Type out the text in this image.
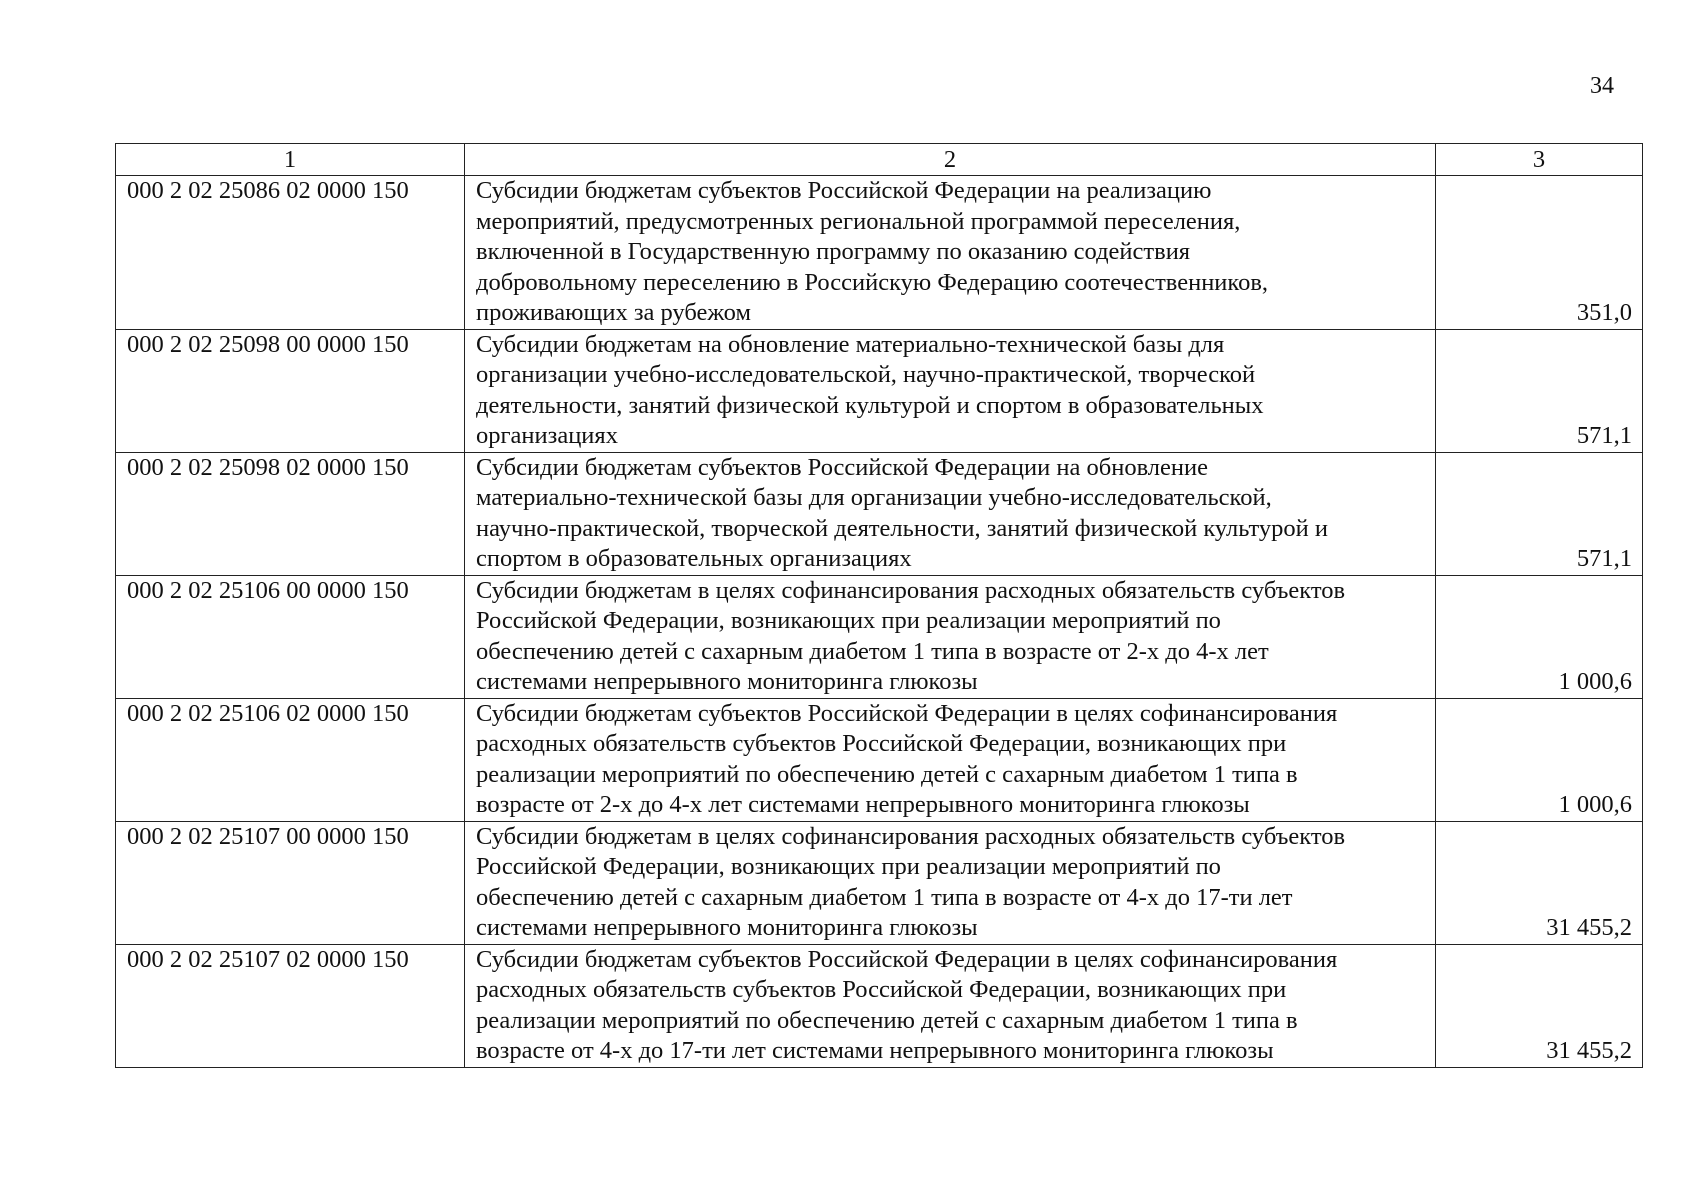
34
1	2	3
000 2 02 25086 02 0000 150	Субсидии бюджетам субъектов Российской Федерации на реализацию
мероприятий, предусмотренных региональной программой переселения,
включенной в Государственную программу по оказанию содействия
добровольному переселению в Российскую Федерацию соотечественников,
проживающих за рубежом	351,0
000 2 02 25098 00 0000 150	Субсидии бюджетам на обновление материально-технической базы для
организации учебно-исследовательской, научно-практической, творческой
деятельности, занятий физической культурой и спортом в образовательных
организациях	571,1
000 2 02 25098 02 0000 150	Субсидии бюджетам субъектов Российской Федерации на обновление
материально-технической базы для организации учебно-исследовательской,
научно-практической, творческой деятельности, занятий физической культурой и
спортом в образовательных организациях	571,1
000 2 02 25106 00 0000 150	Субсидии бюджетам в целях софинансирования расходных обязательств субъектов
Российской Федерации, возникающих при реализации мероприятий по
обеспечению детей с сахарным диабетом 1 типа в возрасте от 2-х до 4-х лет
системами непрерывного мониторинга глюкозы	1 000,6
000 2 02 25106 02 0000 150	Субсидии бюджетам субъектов Российской Федерации в целях софинансирования
расходных обязательств субъектов Российской Федерации, возникающих при
реализации мероприятий по обеспечению детей с сахарным диабетом 1 типа в
возрасте от 2-х до 4-х лет системами непрерывного мониторинга глюкозы	1 000,6
000 2 02 25107 00 0000 150	Субсидии бюджетам в целях софинансирования расходных обязательств субъектов
Российской Федерации, возникающих при реализации мероприятий по
обеспечению детей с сахарным диабетом 1 типа в возрасте от 4-х до 17-ти лет
системами непрерывного мониторинга глюкозы	31 455,2
000 2 02 25107 02 0000 150	Субсидии бюджетам субъектов Российской Федерации в целях софинансирования
расходных обязательств субъектов Российской Федерации, возникающих при
реализации мероприятий по обеспечению детей с сахарным диабетом 1 типа в
возрасте от 4-х до 17-ти лет системами непрерывного мониторинга глюкозы	31 455,2
